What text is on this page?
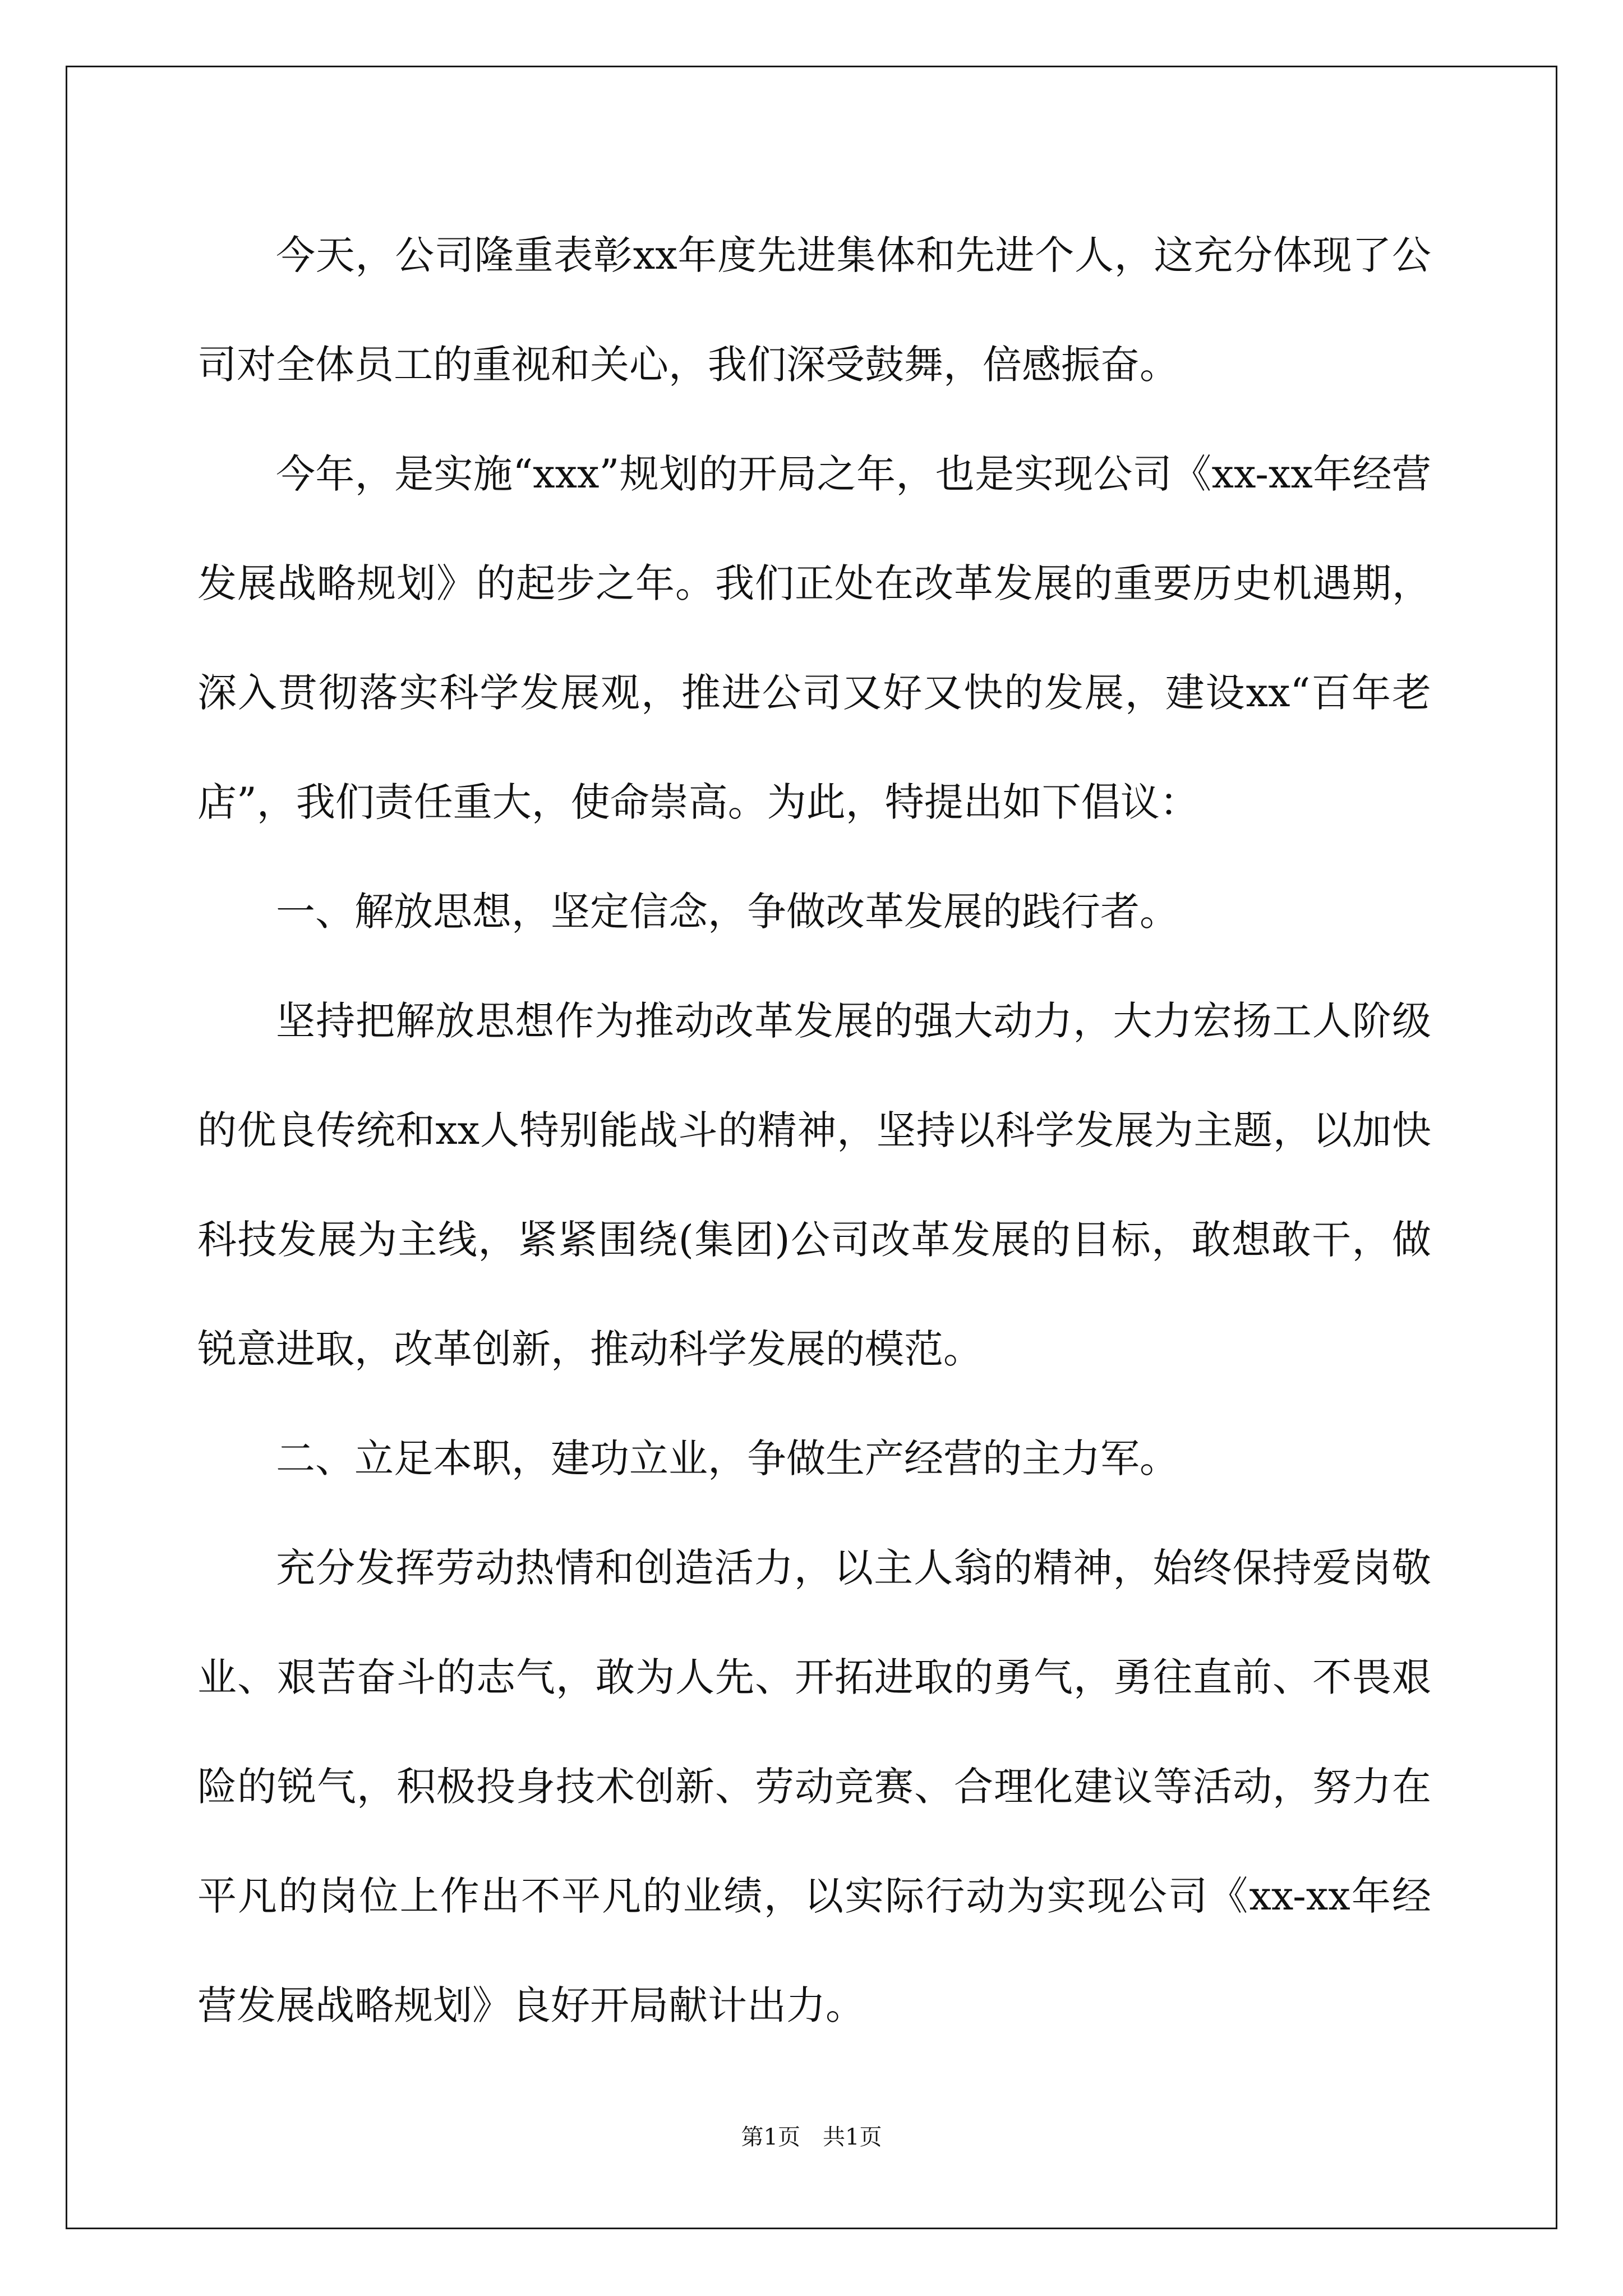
今天，公司隆重表彰xx年度先进集体和先进个人，这充分体现了公司对全体员工的重视和关心，我们深受鼓舞，倍感振奋。

今年，是实施“xxx”规划的开局之年，也是实现公司《xx-xx年经营发展战略规划》的起步之年。我们正处在改革发展的重要历史机遇期，深入贯彻落实科学发展观，推进公司又好又快的发展，建设xx“百年老店”，我们责任重大，使命崇高。为此，特提出如下倡议：

一、解放思想，坚定信念，争做改革发展的践行者。

坚持把解放思想作为推动改革发展的强大动力，大力宏扬工人阶级的优良传统和xx人特别能战斗的精神，坚持以科学发展为主题，以加快科技发展为主线，紧紧围绕(集团)公司改革发展的目标，敢想敢干，做锐意进取，改革创新，推动科学发展的模范。

二、立足本职，建功立业，争做生产经营的主力军。

充分发挥劳动热情和创造活力，以主人翁的精神，始终保持爱岗敬业、艰苦奋斗的志气，敢为人先、开拓进取的勇气，勇往直前、不畏艰险的锐气，积极投身技术创新、劳动竞赛、合理化建议等活动，努力在平凡的岗位上作出不平凡的业绩，以实际行动为实现公司《xx-xx年经营发展战略规划》良好开局献计出力。

第1页　共1页
